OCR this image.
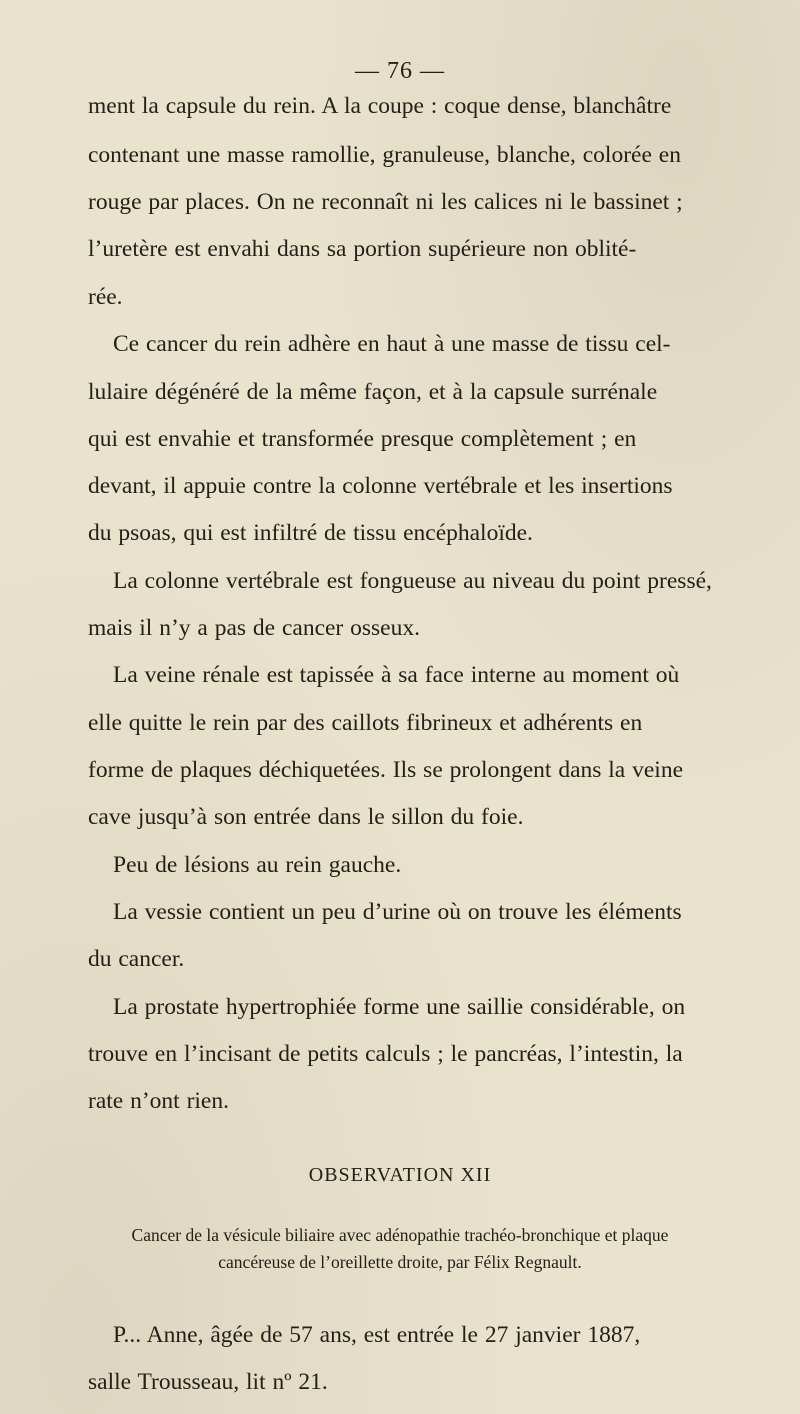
— 76 —
ment la capsule du rein. A la coupe : coque dense, blanchâtre
contenant une masse ramollie, granuleuse, blanche, colorée en
rouge par places. On ne reconnaît ni les calices ni le bassinet ;
l’uretère est envahi dans sa portion supérieure non oblité-
rée.
Ce cancer du rein adhère en haut à une masse de tissu cel-
lulaire dégénéré de la même façon, et à la capsule surrénale
qui est envahie et transformée presque complètement ; en
devant, il appuie contre la colonne vertébrale et les insertions
du psoas, qui est infiltré de tissu encéphaloïde.
La colonne vertébrale est fongueuse au niveau du point pressé,
mais il n’y a pas de cancer osseux.
La veine rénale est tapissée à sa face interne au moment où
elle quitte le rein par des caillots fibrineux et adhérents en
forme de plaques déchiquetées. Ils se prolongent dans la veine
cave jusqu’à son entrée dans le sillon du foie.
Peu de lésions au rein gauche.
La vessie contient un peu d’urine où on trouve les éléments
du cancer.
La prostate hypertrophiée forme une saillie considérable, on
trouve en l’incisant de petits calculs ; le pancréas, l’intestin, la
rate n’ont rien.
OBSERVATION XII
Cancer de la vésicule biliaire avec adénopathie trachéo-bronchique et plaque
cancéreuse de l’oreillette droite, par Félix Regnault.
P... Anne, âgée de 57 ans, est entrée le 27 janvier 1887,
salle Trousseau, lit nº 21.
